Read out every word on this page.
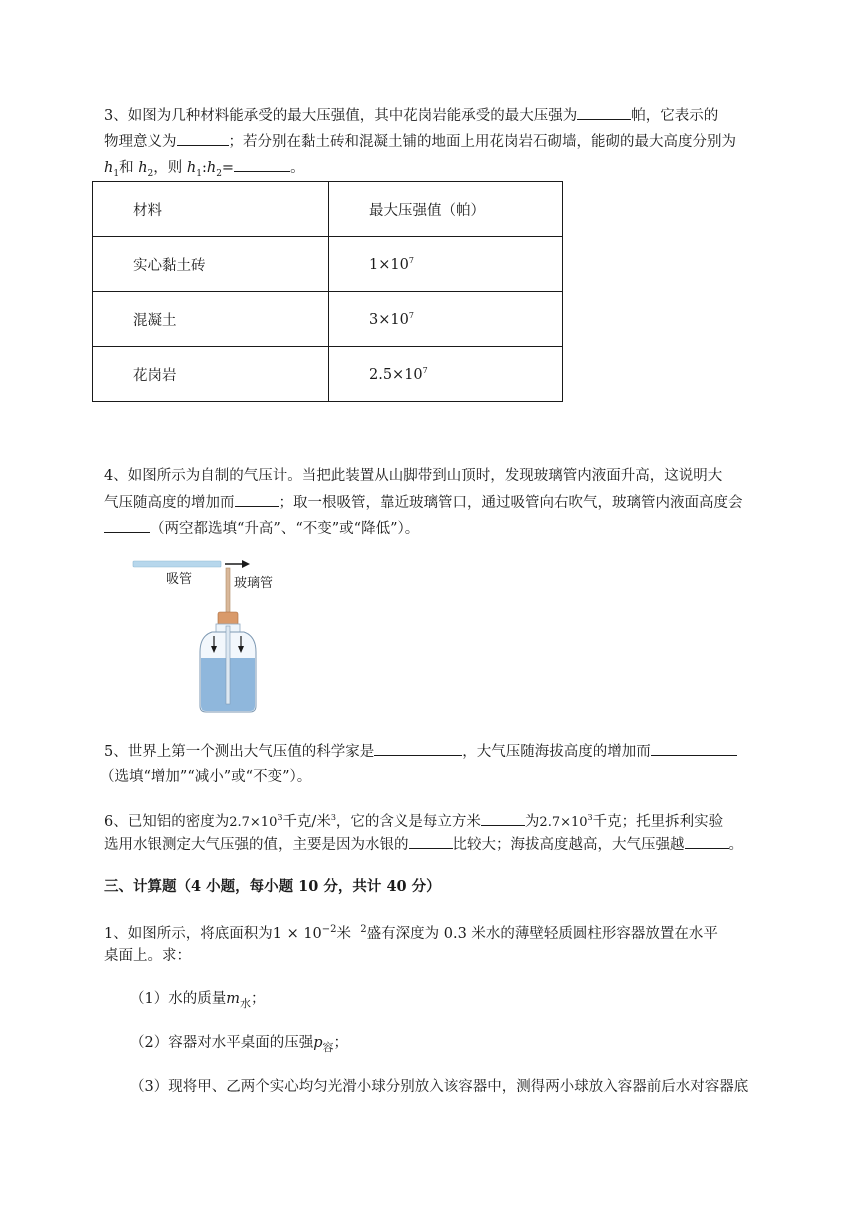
3、如图为几种材料能承受的最大压强值，其中花岗岩能承受的最大压强为	帕，它表示的
物理意义为	；若分别在黏土砖和混凝土铺的地面上用花岗岩石砌墙，能砌的最大高度分别为
$h_1$和 $h_2$，则 $h_1:h_2=$	。
材料	最大压强值（帕）
实心黏土砖	$1\times 10^7$
混凝土	$3\times 10^7$
花岗岩	$2.5\times 10^7$
4、如图所示为自制的气压计。当把此装置从山脚带到山顶时，发现玻璃管内液面升高，这说明大
气压随高度的增加而	；取一根吸管，靠近玻璃管口，通过吸管向右吹气，玻璃管内液面高度会
（两空都选填“升高”、“不变”或“降低”）。
吸管	玻璃管
5、世界上第一个测出大气压值的科学家是	，大气压随海拔高度的增加而
（选填“增加”“减小”或“不变”）。
6、已知铝的密度为$2.7\times 10^3$千克/米$^3$，它的含义是每立方米	为$2.7\times 10^3$千克；托里拆利实验
选用水银测定大气压强的值，主要是因为水银的	比较大；海拔高度越高，大气压强越	。
三、计算题（4 小题，每小题 10 分，共计 40 分）
1、如图所示，将底面积为$1 \times 10^{-2}$米 $^2$盛有深度为 0.3 米水的薄壁轻质圆柱形容器放置在水平
桌面上。求：
（1）水的质量$m_水$；
（2）容器对水平桌面的压强$p_容$；
（3）现将甲、乙两个实心均匀光滑小球分别放入该容器中，测得两小球放入容器前后水对容器底
